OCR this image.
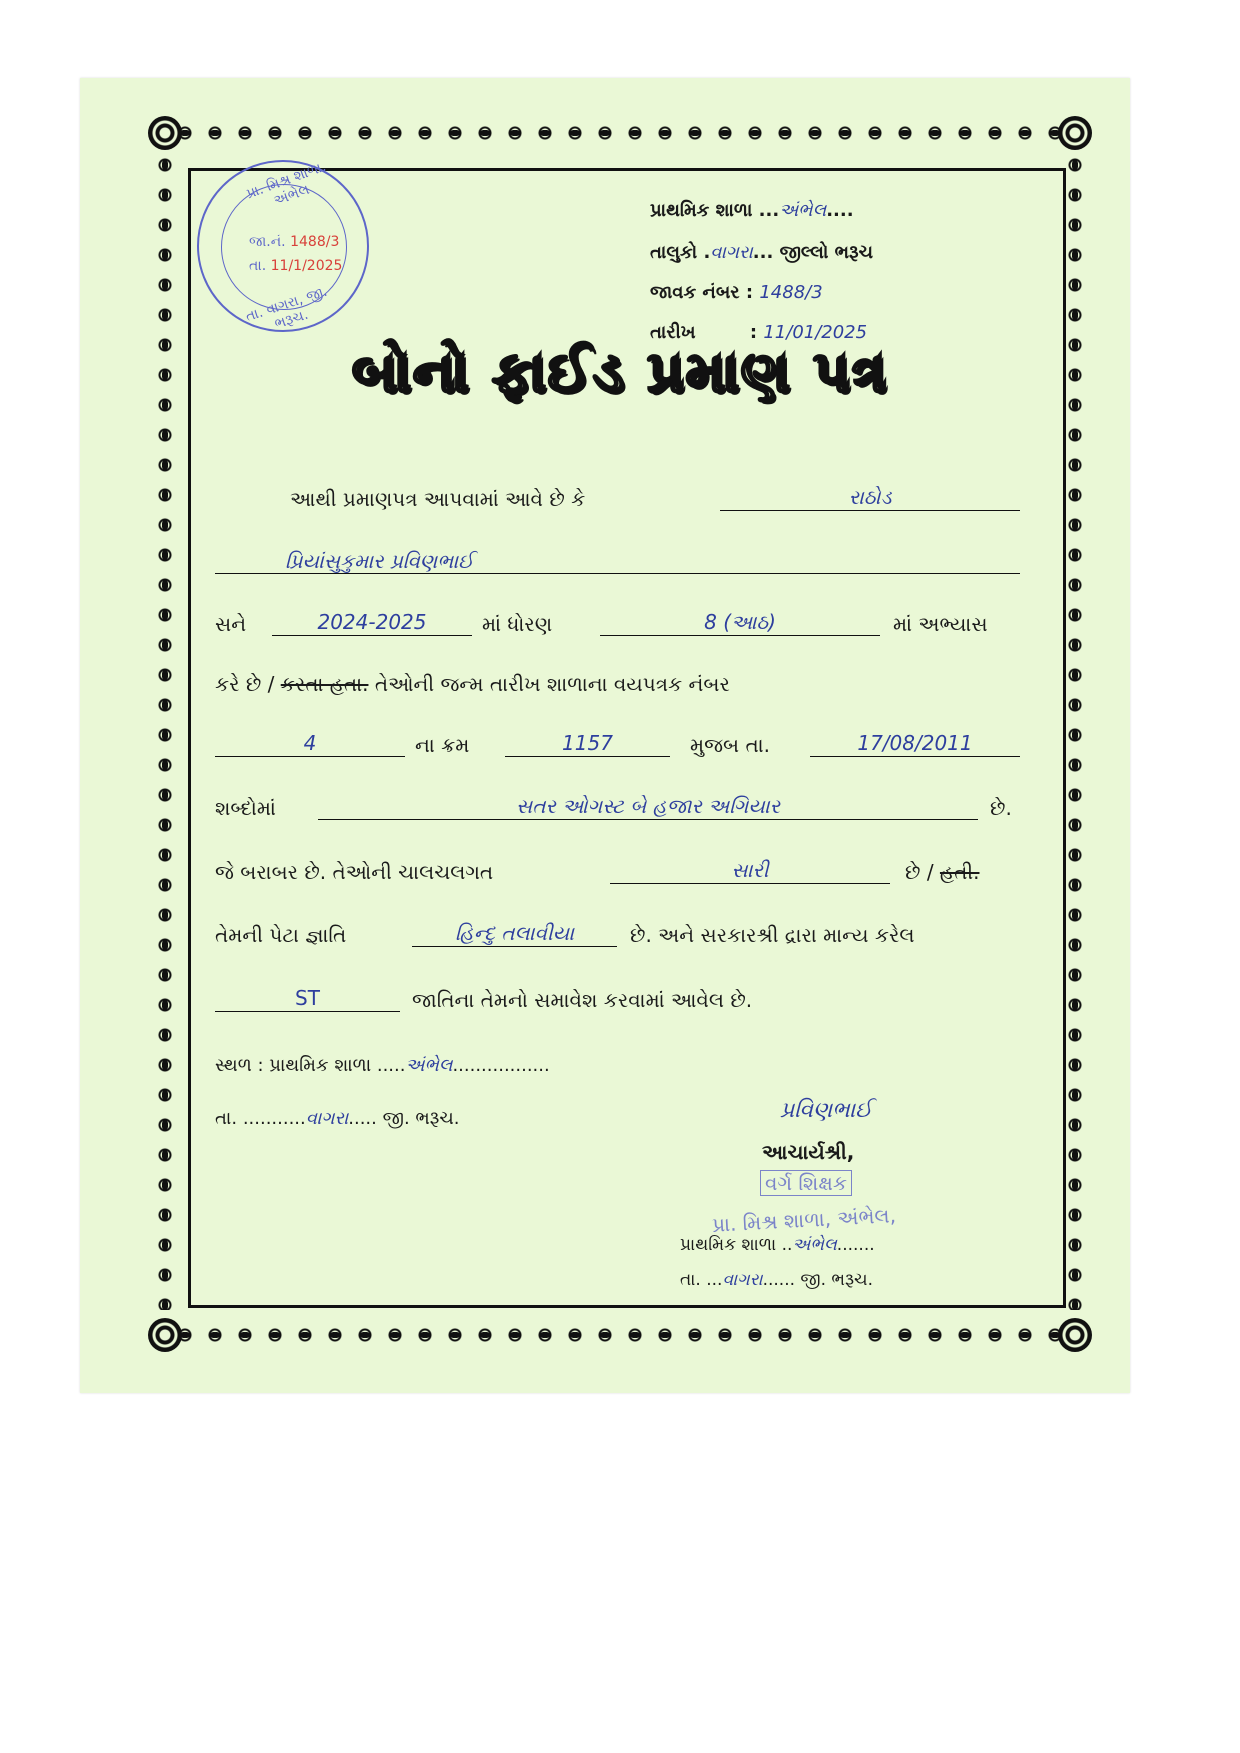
પ્રા. મિશ્ર શાળા, અંભેલ
જા.નં. 1488/3
તા. 11/1/2025
તા. વાગરા, જી. ભરૂચ.
પ્રાથમિક શાળા ...અંભેલ....
તાલુકો .વાગરા... જીલ્લો ભરૂચ
જાવક નંબર : 1488/3
તારીખ	: 11/01/2025
બોનો ફાઈડ પ્રમાણ પત્ર
આથી પ્રમાણપત્ર આપવામાં આવે છે કે	રાઠોડ
પ્રિયાંસુકુમાર પ્રવિણભાઈ
સને	2024-2025	માં ધોરણ	8 (આઠ)	માં અભ્યાસ
કરે છે / કરતા હતા. તેઓની જન્મ તારીખ શાળાના વયપત્રક નંબર
4	ના ક્રમ	1157	મુજબ તા.	17/08/2011
શબ્દોમાં	સતર ઓગસ્ટ બે હજાર અગિયાર	છે.
જે બરાબર છે. તેઓની ચાલચલગત	સારી	છે / હતી.
તેમની પેટા જ્ઞાતિ	હિન્દુ તલાવીયા	છે. અને સરકારશ્રી દ્રારા માન્ય કરેલ
ST	જાતિના તેમનો સમાવેશ કરવામાં આવેલ છે.
સ્થળ : પ્રાથમિક શાળા .....અંભેલ.................
તા. ...........વાગરા..... જી. ભરૂચ.	પ્રવિણભાઈ
આચાર્યશ્રી,
વર્ગ શિક્ષક
પ્રા. મિશ્ર શાળા, અંભેલ,
પ્રાથમિક શાળા ..અંભેલ.......
તા. ...વાગરા...... જી. ભરૂચ.
